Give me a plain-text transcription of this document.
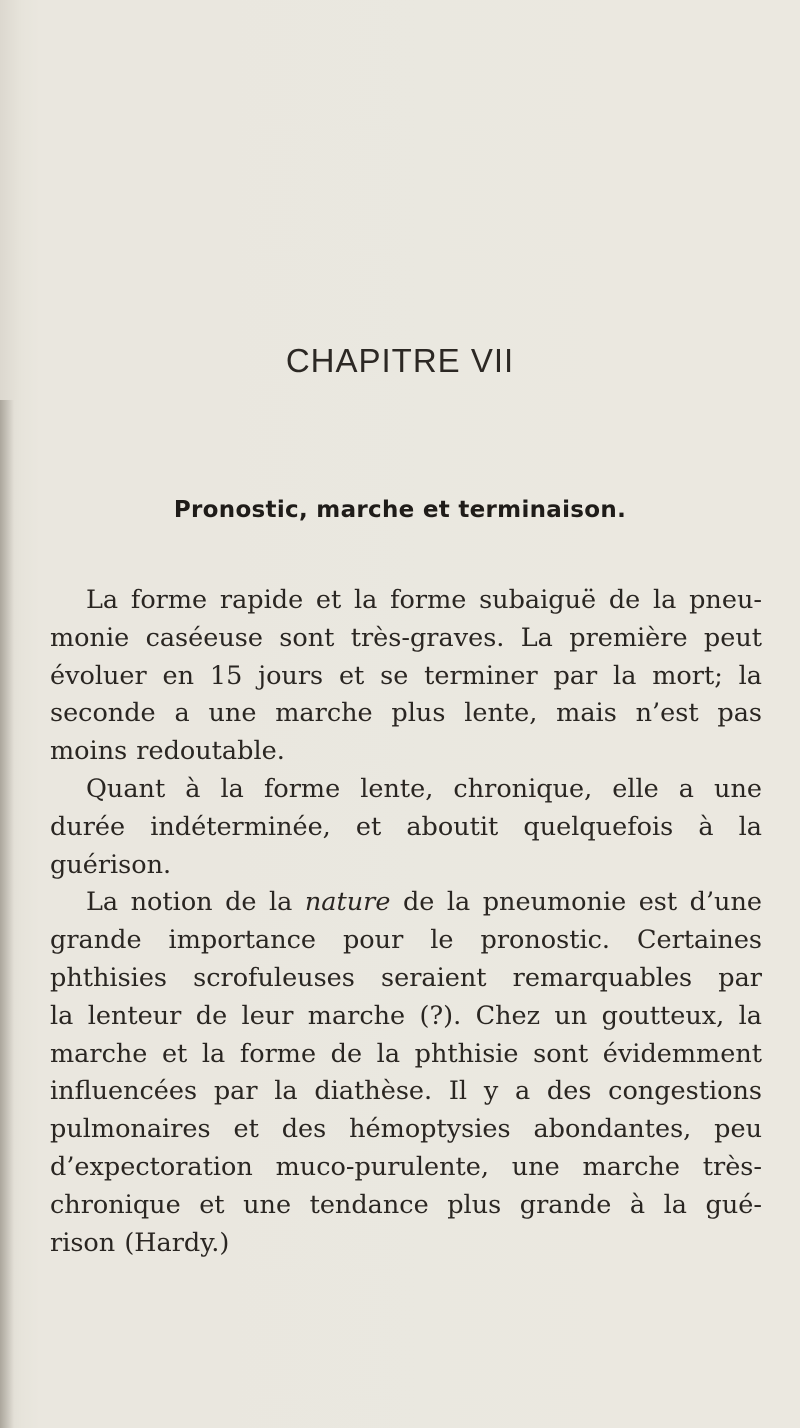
CHAPITRE VII
Pronostic, marche et terminaison.
La forme rapide et la forme subaiguë de la pneu-
monie caséeuse sont très-graves. La première peut
évoluer en 15 jours et se terminer par la mort; la
seconde a une marche plus lente, mais n’est pas
moins redoutable.
Quant à la forme lente, chronique, elle a une
durée indéterminée, et aboutit quelquefois à la
guérison.
La notion de la nature de la pneumonie est d’une
grande importance pour le pronostic. Certaines
phthisies scrofuleuses seraient remarquables par
la lenteur de leur marche (?). Chez un goutteux, la
marche et la forme de la phthisie sont évidemment
influencées par la diathèse. Il y a des congestions
pulmonaires et des hémoptysies abondantes, peu
d’expectoration muco-purulente, une marche très-
chronique et une tendance plus grande à la gué-
rison (Hardy.)
